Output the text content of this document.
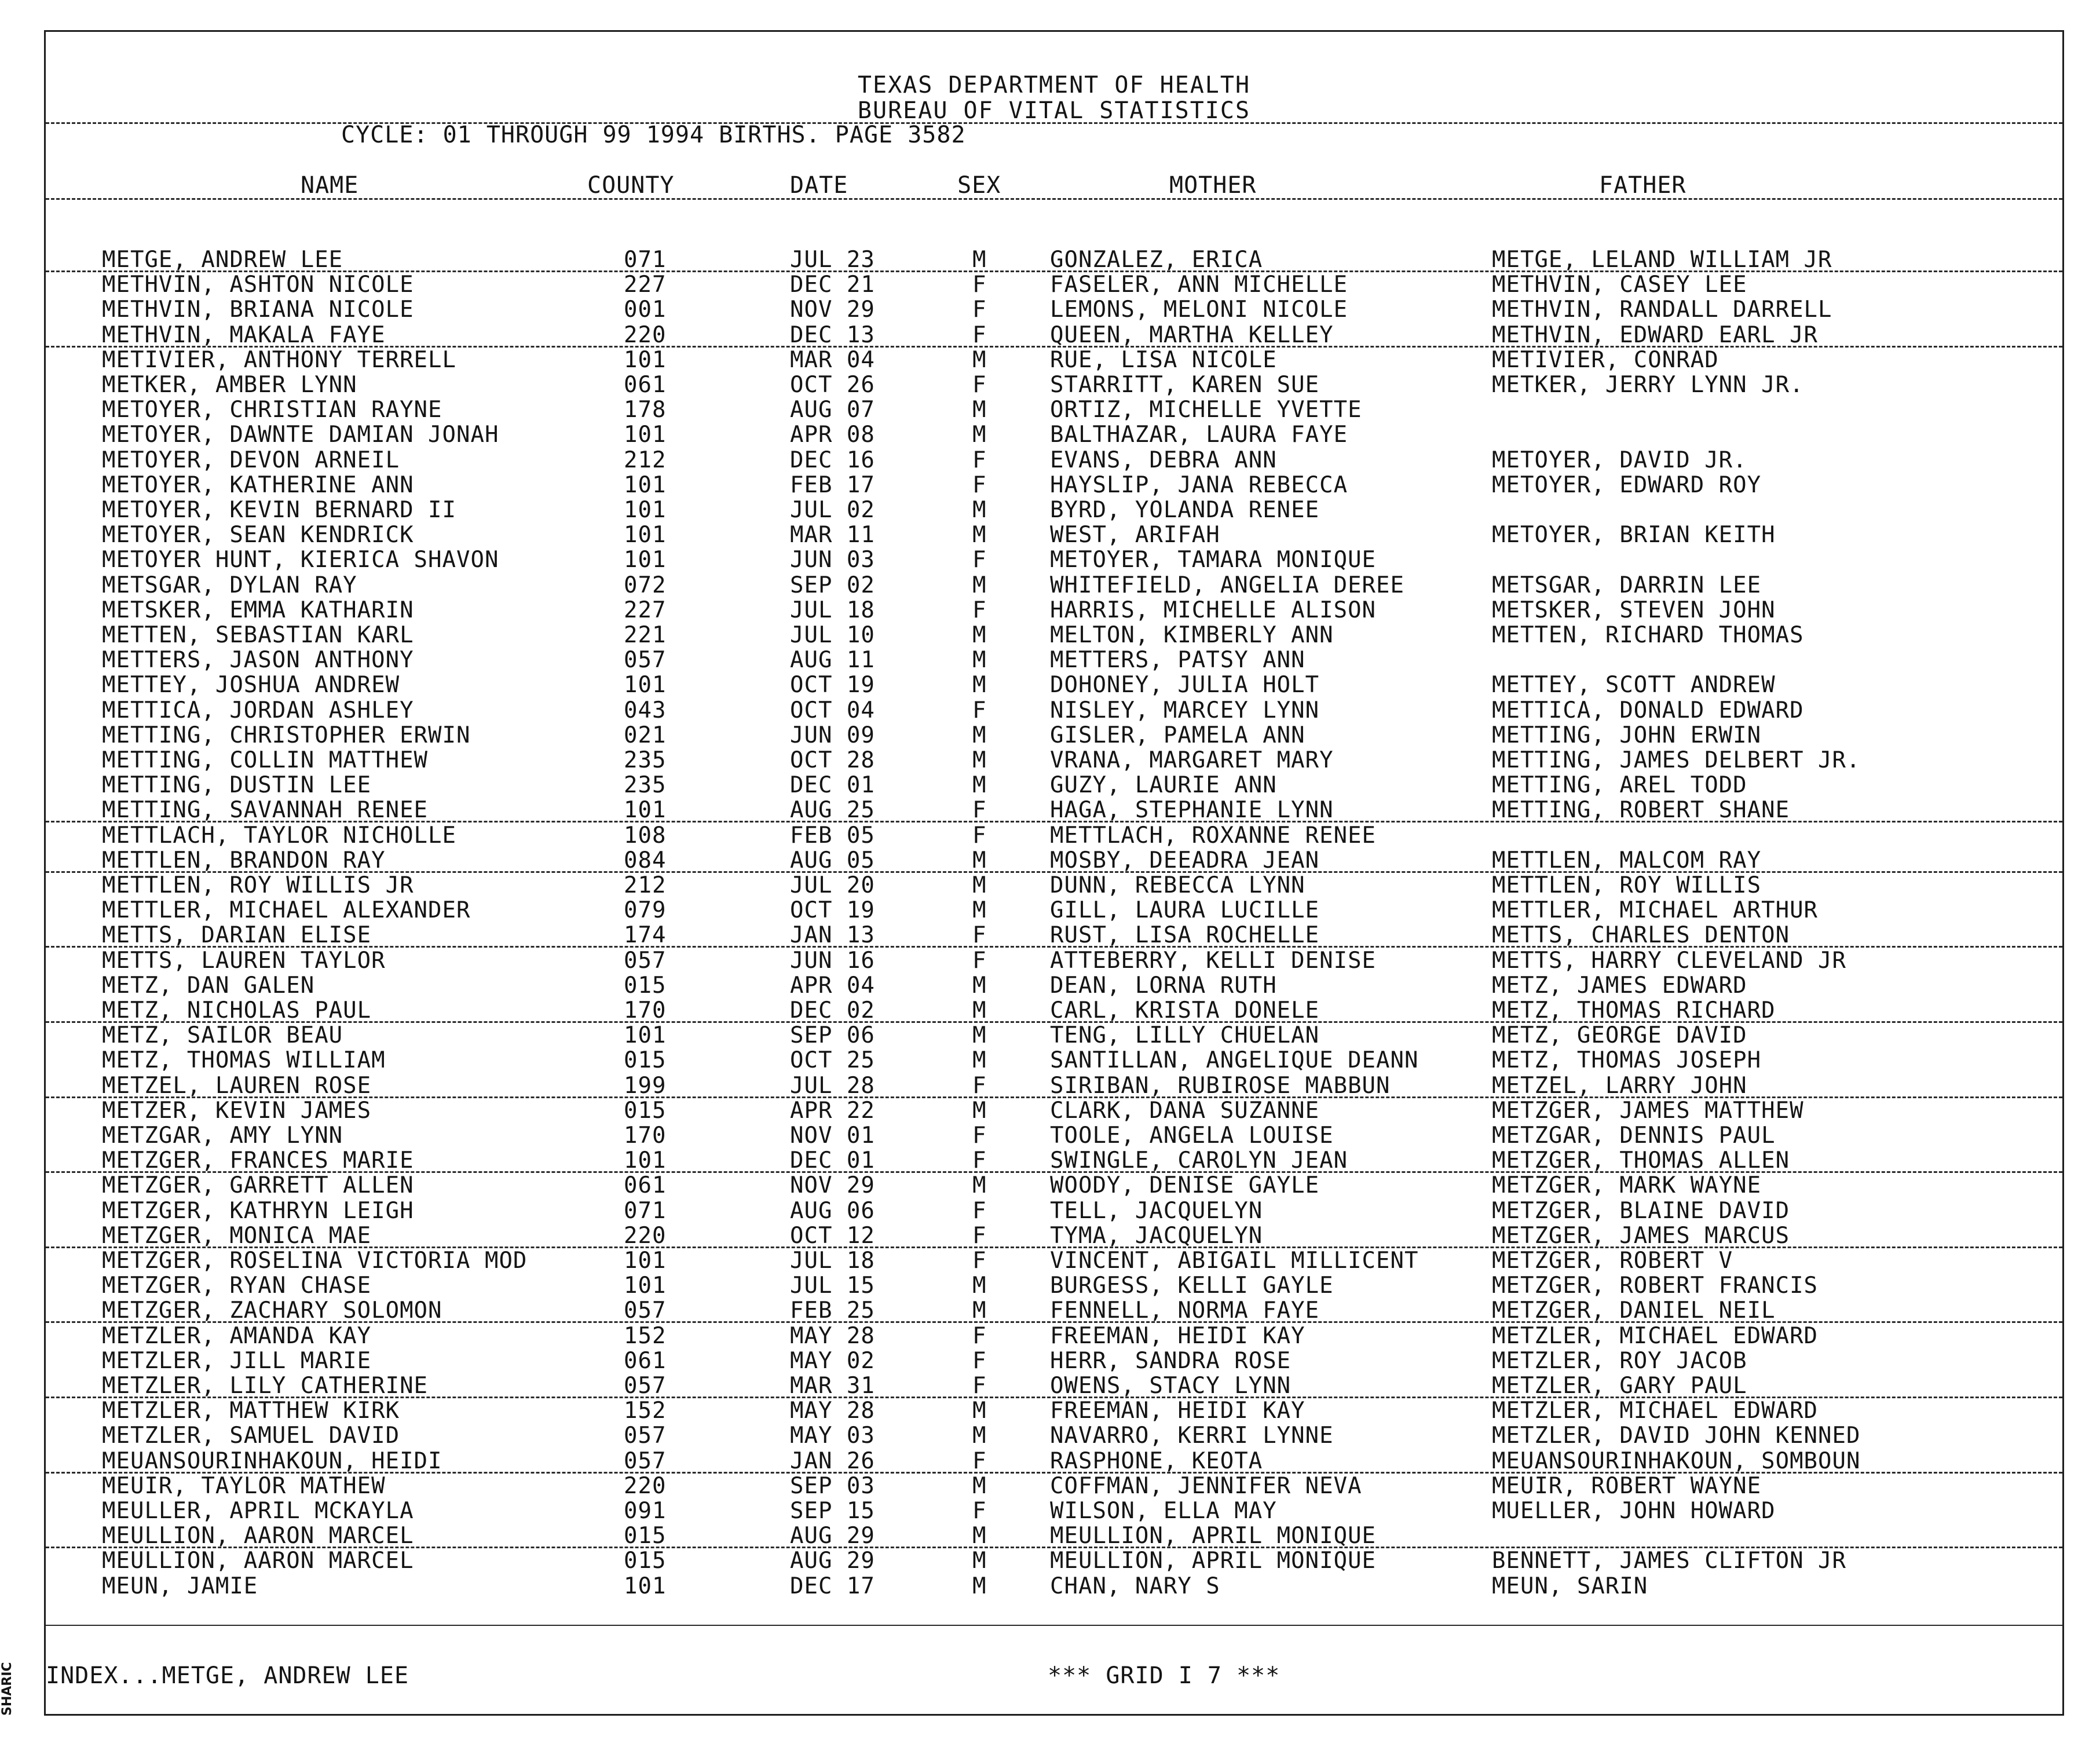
TEXAS DEPARTMENT OF HEALTH
BUREAU OF VITAL STATISTICS
CYCLE: 01 THROUGH 99 1994 BIRTHS. PAGE 3582
NAME	COUNTY	DATE	SEX	MOTHER	FATHER
METGE, ANDREW LEE	071	JUL 23	M	GONZALEZ, ERICA	METGE, LELAND WILLIAM JR
METHVIN, ASHTON NICOLE	227	DEC 21	F	FASELER, ANN MICHELLE	METHVIN, CASEY LEE
METHVIN, BRIANA NICOLE	001	NOV 29	F	LEMONS, MELONI NICOLE	METHVIN, RANDALL DARRELL
METHVIN, MAKALA FAYE	220	DEC 13	F	QUEEN, MARTHA KELLEY	METHVIN, EDWARD EARL JR
METIVIER, ANTHONY TERRELL	101	MAR 04	M	RUE, LISA NICOLE	METIVIER, CONRAD
METKER, AMBER LYNN	061	OCT 26	F	STARRITT, KAREN SUE	METKER, JERRY LYNN JR.
METOYER, CHRISTIAN RAYNE	178	AUG 07	M	ORTIZ, MICHELLE YVETTE
METOYER, DAWNTE DAMIAN JONAH	101	APR 08	M	BALTHAZAR, LAURA FAYE
METOYER, DEVON ARNEIL	212	DEC 16	F	EVANS, DEBRA ANN	METOYER, DAVID JR.
METOYER, KATHERINE ANN	101	FEB 17	F	HAYSLIP, JANA REBECCA	METOYER, EDWARD ROY
METOYER, KEVIN BERNARD II	101	JUL 02	M	BYRD, YOLANDA RENEE
METOYER, SEAN KENDRICK	101	MAR 11	M	WEST, ARIFAH	METOYER, BRIAN KEITH
METOYER HUNT, KIERICA SHAVON	101	JUN 03	F	METOYER, TAMARA MONIQUE
METSGAR, DYLAN RAY	072	SEP 02	M	WHITEFIELD, ANGELIA DEREE	METSGAR, DARRIN LEE
METSKER, EMMA KATHARIN	227	JUL 18	F	HARRIS, MICHELLE ALISON	METSKER, STEVEN JOHN
METTEN, SEBASTIAN KARL	221	JUL 10	M	MELTON, KIMBERLY ANN	METTEN, RICHARD THOMAS
METTERS, JASON ANTHONY	057	AUG 11	M	METTERS, PATSY ANN
METTEY, JOSHUA ANDREW	101	OCT 19	M	DOHONEY, JULIA HOLT	METTEY, SCOTT ANDREW
METTICA, JORDAN ASHLEY	043	OCT 04	F	NISLEY, MARCEY LYNN	METTICA, DONALD EDWARD
METTING, CHRISTOPHER ERWIN	021	JUN 09	M	GISLER, PAMELA ANN	METTING, JOHN ERWIN
METTING, COLLIN MATTHEW	235	OCT 28	M	VRANA, MARGARET MARY	METTING, JAMES DELBERT JR.
METTING, DUSTIN LEE	235	DEC 01	M	GUZY, LAURIE ANN	METTING, AREL TODD
METTING, SAVANNAH RENEE	101	AUG 25	F	HAGA, STEPHANIE LYNN	METTING, ROBERT SHANE
METTLACH, TAYLOR NICHOLLE	108	FEB 05	F	METTLACH, ROXANNE RENEE
METTLEN, BRANDON RAY	084	AUG 05	M	MOSBY, DEEADRA JEAN	METTLEN, MALCOM RAY
METTLEN, ROY WILLIS JR	212	JUL 20	M	DUNN, REBECCA LYNN	METTLEN, ROY WILLIS
METTLER, MICHAEL ALEXANDER	079	OCT 19	M	GILL, LAURA LUCILLE	METTLER, MICHAEL ARTHUR
METTS, DARIAN ELISE	174	JAN 13	F	RUST, LISA ROCHELLE	METTS, CHARLES DENTON
METTS, LAUREN TAYLOR	057	JUN 16	F	ATTEBERRY, KELLI DENISE	METTS, HARRY CLEVELAND JR
METZ, DAN GALEN	015	APR 04	M	DEAN, LORNA RUTH	METZ, JAMES EDWARD
METZ, NICHOLAS PAUL	170	DEC 02	M	CARL, KRISTA DONELE	METZ, THOMAS RICHARD
METZ, SAILOR BEAU	101	SEP 06	M	TENG, LILLY CHUELAN	METZ, GEORGE DAVID
METZ, THOMAS WILLIAM	015	OCT 25	M	SANTILLAN, ANGELIQUE DEANN	METZ, THOMAS JOSEPH
METZEL, LAUREN ROSE	199	JUL 28	F	SIRIBAN, RUBIROSE MABBUN	METZEL, LARRY JOHN
METZER, KEVIN JAMES	015	APR 22	M	CLARK, DANA SUZANNE	METZGER, JAMES MATTHEW
METZGAR, AMY LYNN	170	NOV 01	F	TOOLE, ANGELA LOUISE	METZGAR, DENNIS PAUL
METZGER, FRANCES MARIE	101	DEC 01	F	SWINGLE, CAROLYN JEAN	METZGER, THOMAS ALLEN
METZGER, GARRETT ALLEN	061	NOV 29	M	WOODY, DENISE GAYLE	METZGER, MARK WAYNE
METZGER, KATHRYN LEIGH	071	AUG 06	F	TELL, JACQUELYN	METZGER, BLAINE DAVID
METZGER, MONICA MAE	220	OCT 12	F	TYMA, JACQUELYN	METZGER, JAMES MARCUS
METZGER, ROSELINA VICTORIA MOD	101	JUL 18	F	VINCENT, ABIGAIL MILLICENT	METZGER, ROBERT V
METZGER, RYAN CHASE	101	JUL 15	M	BURGESS, KELLI GAYLE	METZGER, ROBERT FRANCIS
METZGER, ZACHARY SOLOMON	057	FEB 25	M	FENNELL, NORMA FAYE	METZGER, DANIEL NEIL
METZLER, AMANDA KAY	152	MAY 28	F	FREEMAN, HEIDI KAY	METZLER, MICHAEL EDWARD
METZLER, JILL MARIE	061	MAY 02	F	HERR, SANDRA ROSE	METZLER, ROY JACOB
METZLER, LILY CATHERINE	057	MAR 31	F	OWENS, STACY LYNN	METZLER, GARY PAUL
METZLER, MATTHEW KIRK	152	MAY 28	M	FREEMAN, HEIDI KAY	METZLER, MICHAEL EDWARD
METZLER, SAMUEL DAVID	057	MAY 03	M	NAVARRO, KERRI LYNNE	METZLER, DAVID JOHN KENNED
MEUANSOURINHAKOUN, HEIDI	057	JAN 26	F	RASPHONE, KEOTA	MEUANSOURINHAKOUN, SOMBOUN
MEUIR, TAYLOR MATHEW	220	SEP 03	M	COFFMAN, JENNIFER NEVA	MEUIR, ROBERT WAYNE
MEULLER, APRIL MCKAYLA	091	SEP 15	F	WILSON, ELLA MAY	MUELLER, JOHN HOWARD
MEULLION, AARON MARCEL	015	AUG 29	M	MEULLION, APRIL MONIQUE
MEULLION, AARON MARCEL	015	AUG 29	M	MEULLION, APRIL MONIQUE	BENNETT, JAMES CLIFTON JR
MEUN, JAMIE	101	DEC 17	M	CHAN, NARY S	MEUN, SARIN
INDEX...METGE, ANDREW LEE	*** GRID I 7 ***
SHARIC
